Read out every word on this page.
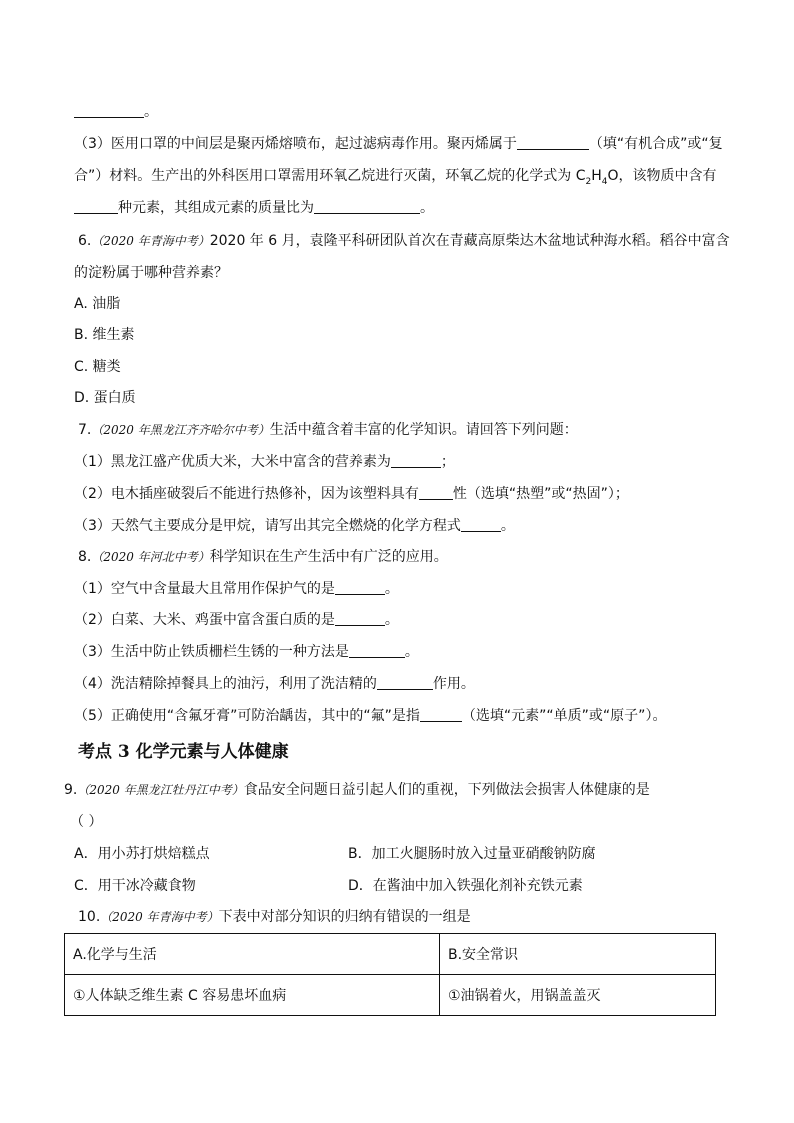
。
（3）医用口罩的中间层是聚丙烯熔喷布，起过滤病毒作用。聚丙烯属于	（填“有机合成”或“复
合”）材料。生产出的外科医用口罩需用环氧乙烷进行灭菌，环氧乙烷的化学式为 $C_2H_4O$，该物质中含有
种元素，其组成元素的质量比为	。
6.（2020 年青海中考）2020 年 6 月，袁隆平科研团队首次在青藏高原柴达木盆地试种海水稻。稻谷中富含
的淀粉属于哪种营养素？
A. 油脂
B. 维生素
C. 糖类
D. 蛋白质
7.（2020 年黑龙江齐齐哈尔中考）生活中蕴含着丰富的化学知识。请回答下列问题：
（1）黑龙江盛产优质大米，大米中富含的营养素为	；
（2）电木插座破裂后不能进行热修补，因为该塑料具有 性（选填“热塑”或“热固”）；
（3）天然气主要成分是甲烷，请写出其完全燃烧的化学方程式	。
8.（2020 年河北中考）科学知识在生产生活中有广泛的应用。
（1）空气中含量最大且常用作保护气的是	。
（2）白菜、大米、鸡蛋中富含蛋白质的是	。
（3）生活中防止铁质栅栏生锈的一种方法是	。
（4）洗洁精除掉餐具上的油污，利用了洗洁精的	作用。
（5）正确使用“含氟牙膏”可防治龋齿，其中的“氟”是指	（选填“元素”“单质”或“原子”）。
考点 3 化学元素与人体健康
9.（2020 年黑龙江牡丹江中考）食品安全问题日益引起人们的重视，下列做法会损害人体健康的是
（ ）
A．用小苏打烘焙糕点	B．加工火腿肠时放入过量亚硝酸钠防腐
C．用干冰冷藏食物	D．在酱油中加入铁强化剂补充铁元素
10.（2020 年青海中考）下表中对部分知识的归纳有错误的一组是
A.化学与生活	B.安全常识
①人体缺乏维生素 C 容易患坏血病	①油锅着火，用锅盖盖灭
